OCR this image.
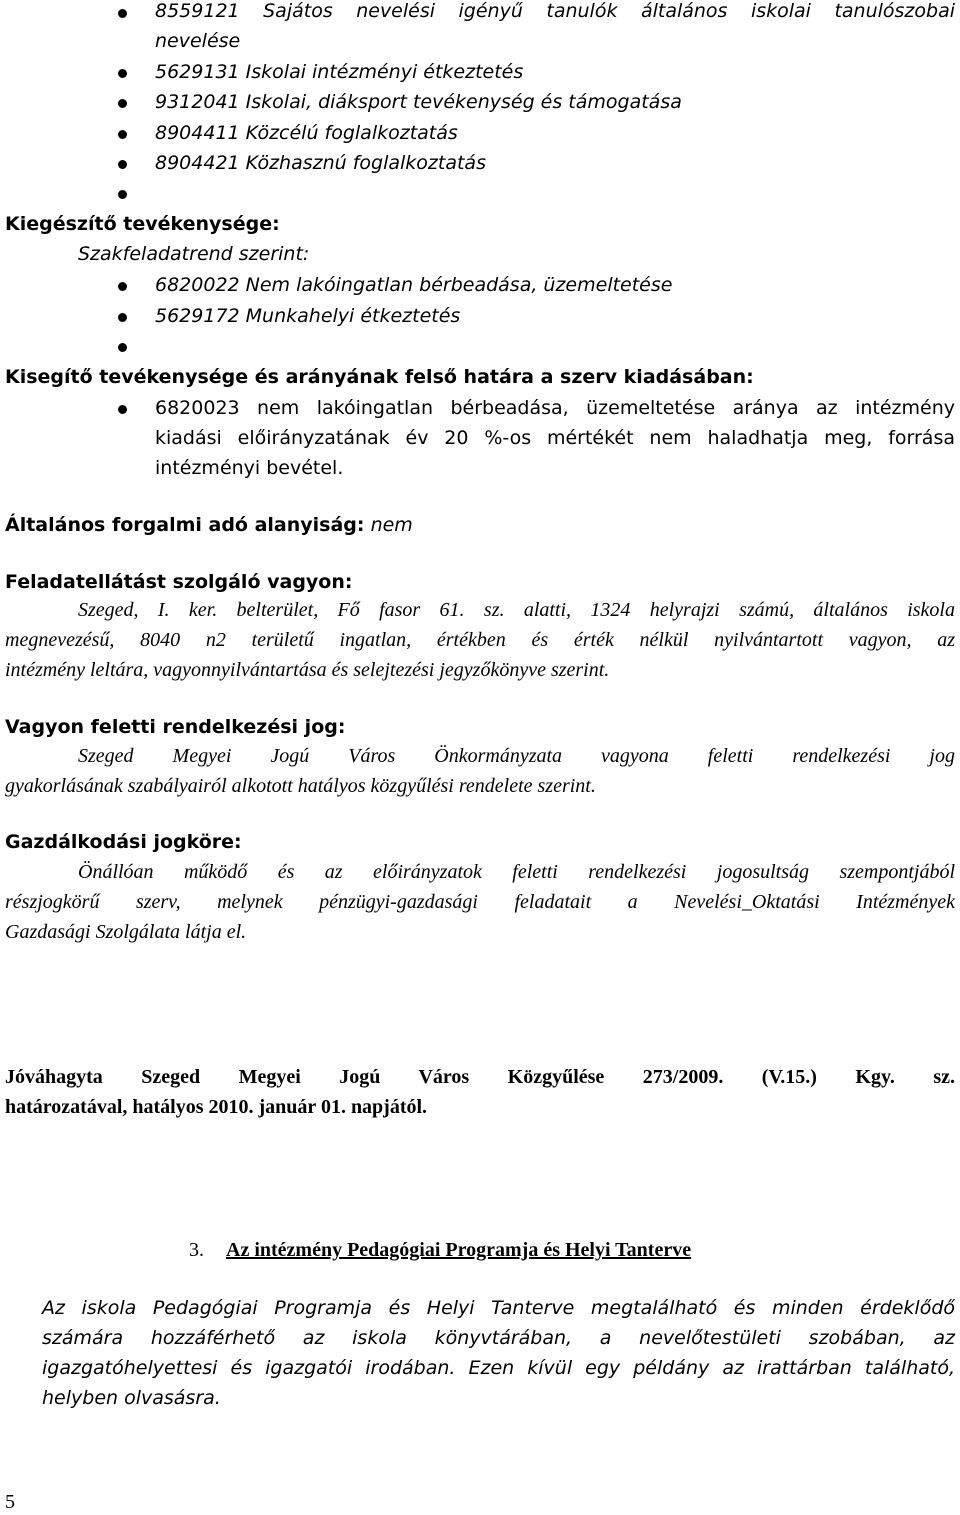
8559121 Sajátos nevelési igényű tanulók általános iskolai tanulószobai
nevelése
5629131 Iskolai intézményi étkeztetés
9312041 Iskolai, diáksport tevékenység és támogatása
8904411 Közcélú foglalkoztatás
8904421 Közhasznú foglalkoztatás
Kiegészítő tevékenysége:
Szakfeladatrend szerint:
6820022 Nem lakóingatlan bérbeadása, üzemeltetése
5629172 Munkahelyi étkeztetés
Kisegítő tevékenysége és arányának felső határa a szerv kiadásában:
6820023 nem lakóingatlan bérbeadása, üzemeltetése aránya az intézmény
kiadási előirányzatának év 20 %-os mértékét nem haladhatja meg, forrása
intézményi bevétel.
Általános forgalmi adó alanyiság: nem
Feladatellátást szolgáló vagyon:
Szeged, I. ker. belterület, Fő fasor 61. sz. alatti, 1324 helyrajzi számú, általános iskola
megnevezésű, 8040 n2 területű ingatlan, értékben és érték nélkül nyilvántartott vagyon, az
intézmény leltára, vagyonnyilvántartása és selejtezési jegyzőkönyve szerint.
Vagyon feletti rendelkezési jog:
Szeged Megyei Jogú Város Önkormányzata vagyona feletti rendelkezési jog
gyakorlásának szabályairól alkotott hatályos közgyűlési rendelete szerint.
Gazdálkodási jogköre:
Önállóan működő és az előirányzatok feletti rendelkezési jogosultság szempontjából
részjogkörű szerv, melynek pénzügyi-gazdasági feladatait a Nevelési_Oktatási Intézmények
Gazdasági Szolgálata látja el.
Jóváhagyta Szeged Megyei Jogú Város Közgyűlése 273/2009. (V.15.) Kgy. sz.
határozatával, hatályos 2010. január 01. napjától.
3. Az intézmény Pedagógiai Programja és Helyi Tanterve
Az iskola Pedagógiai Programja és Helyi Tanterve megtalálható és minden érdeklődő
számára hozzáférhető az iskola könyvtárában, a nevelőtestületi szobában, az
igazgatóhelyettesi és igazgatói irodában. Ezen kívül egy példány az irattárban található,
helyben olvasásra.
5
